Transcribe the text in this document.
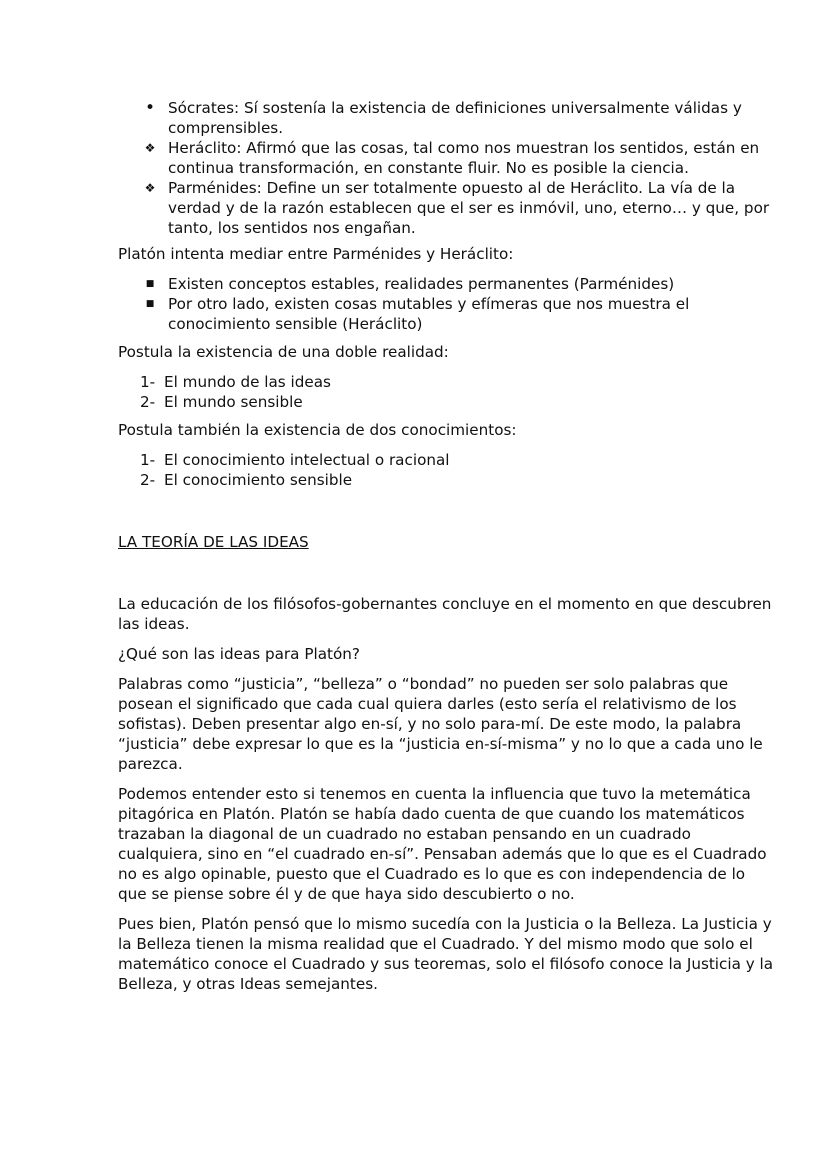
• Sócrates: Sí sostenía la existencia de definiciones universalmente válidas y comprensibles.
❖ Heráclito: Afirmó que las cosas, tal como nos muestran los sentidos, están en continua transformación, en constante fluir. No es posible la ciencia.
❖ Parménides: Define un ser totalmente opuesto al de Heráclito. La vía de la verdad y de la razón establecen que el ser es inmóvil, uno, eterno… y que, por tanto, los sentidos nos engañan.

Platón intenta mediar entre Parménides y Heráclito:

■ Existen conceptos estables, realidades permanentes (Parménides)
■ Por otro lado, existen cosas mutables y efímeras que nos muestra el conocimiento sensible (Heráclito)

Postula la existencia de una doble realidad:

1- El mundo de las ideas
2- El mundo sensible

Postula también la existencia de dos conocimientos:

1- El conocimiento intelectual o racional
2- El conocimiento sensible

LA TEORÍA DE LAS IDEAS

La educación de los filósofos-gobernantes concluye en el momento en que descubren las ideas.

¿Qué son las ideas para Platón?

Palabras como “justicia”, “belleza” o “bondad” no pueden ser solo palabras que posean el significado que cada cual quiera darles (esto sería el relativismo de los sofistas). Deben presentar algo en-sí, y no solo para-mí. De este modo, la palabra “justicia” debe expresar lo que es la “justicia en-sí-misma” y no lo que a cada uno le parezca.

Podemos entender esto si tenemos en cuenta la influencia que tuvo la metemática pitagórica en Platón. Platón se había dado cuenta de que cuando los matemáticos trazaban la diagonal de un cuadrado no estaban pensando en un cuadrado cualquiera, sino en “el cuadrado en-sí”. Pensaban además que lo que es el Cuadrado no es algo opinable, puesto que el Cuadrado es lo que es con independencia de lo que se piense sobre él y de que haya sido descubierto o no.

Pues bien, Platón pensó que lo mismo sucedía con la Justicia o la Belleza. La Justicia y la Belleza tienen la misma realidad que el Cuadrado. Y del mismo modo que solo el matemático conoce el Cuadrado y sus teoremas, solo el filósofo conoce la Justicia y la Belleza, y otras Ideas semejantes.
